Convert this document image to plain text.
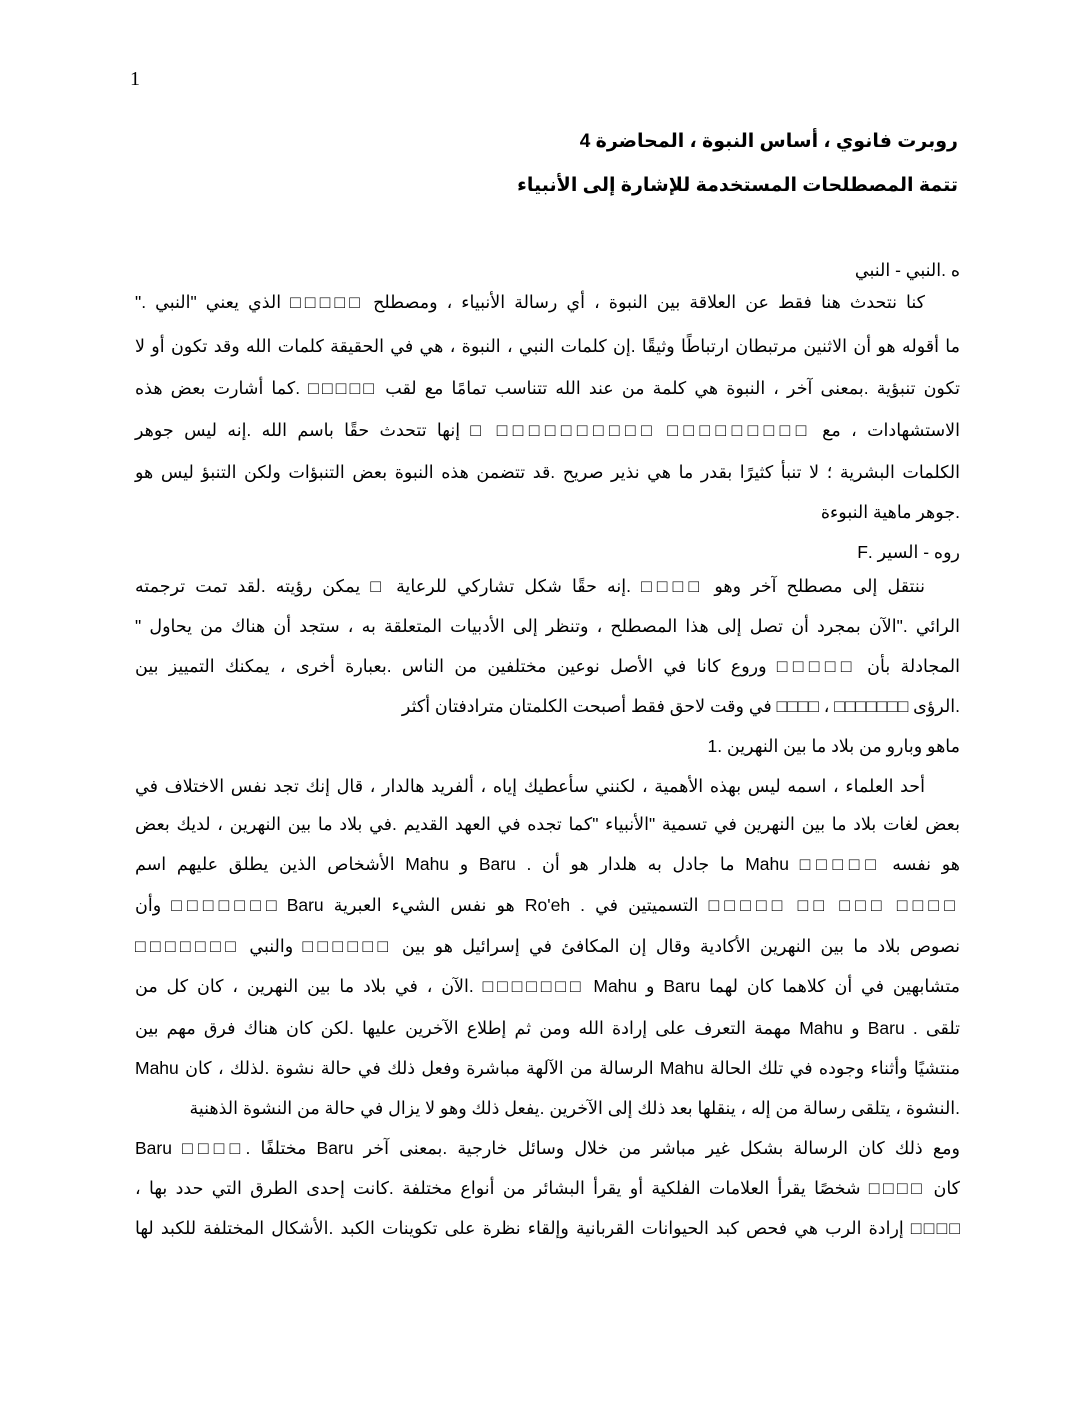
1
روبرت فانوي ، أساس النبوة ، المحاضرة 4
تتمة المصطلحات المستخدمة للإشارة إلى الأنبياء
ه .النبي - النبي
كنا نتحدث هنا فقط عن العلاقة بين النبوة ، أي رسالة الأنبياء ، ومصطلح □□□□□ الذي يعني "النبي ."
ما أقوله هو أن الاثنين مرتبطان ارتباطًا وثيقًا .إن كلمات النبي ، النبوة ، هي في الحقيقة كلمات الله وقد تكون أو لا
تكون تنبؤية .بمعنى آخر ، النبوة هي كلمة من عند الله تتناسب تمامًا مع لقب □□□□□ .كما أشارت بعض هذه
الاستشهادات ، مع □□□□□□□□□ □□□□□□□□□□ □ إنها تتحدث حقًا باسم الله .إنه ليس جوهر
الكلمات البشرية ؛ لا تنبأ كثيرًا بقدر ما هي نذير صريح .قد تتضمن هذه النبوة بعض التنبؤات ولكن التنبؤ ليس هو
.جوهر ماهية النبوءة
روه - السير .F
ننتقل إلى مصطلح آخر وهو □□□□ .إنه حقًا شكل تشاركي للرعاية □ يمكن رؤيته .لقد تمت ترجمته
الرائي ."الآن بمجرد أن تصل إلى هذا المصطلح ، وتنظر إلى الأدبيات المتعلقة به ، ستجد أن هناك من يحاول "
المجادلة بأن □□□□□ وروع كانا في الأصل نوعين مختلفين من الناس .بعبارة أخرى ، يمكنك التمييز بين
.الرؤى □□□□□□□ ، □□□□ في وقت لاحق فقط أصبحت الكلمتان مترادفتان أكثر
ماهو وبارو من بلاد ما بين النهرين .1
أحد العلماء ، اسمه ليس بهذه الأهمية ، لكنني سأعطيك إياه ، ألفريد هالدار ، قال إنك تجد نفس الاختلاف في
بعض لغات بلاد ما بين النهرين في تسمية "الأنبياء "كما تجده في العهد القديم .في بلاد ما بين النهرين ، لديك بعض
هو نفسه □□□□□ Mahu ما جادل به هلدار هو أن . Baru و Mahu الأشخاص الذين يطلق عليهم اسم
□□□□ □□□ □□ □□□□□ التسميتين في . Ro'eh هو نفس الشيء العبرية Baru □□□□□□□ وأن
نصوص بلاد ما بين النهرين الأكادية وقال إن المكافئ في إسرائيل هو بين □□□□□□ والنبي □□□□□□□
متشابهين في أن كلاهما كان لهما Baru و Mahu □□□□□□□ .الآن ، في بلاد ما بين النهرين ، كان كل من
تلقى . Baru و Mahu مهمة التعرف على إرادة الله ومن ثم إطلاع الآخرين عليها .لكن كان هناك فرق مهم بين
منتشيًا وأثناء وجوده في تلك الحالة Mahu الرسالة من الآلهة مباشرة وفعل ذلك في حالة نشوة .لذلك ، كان Mahu
.النشوة ، يتلقى رسالة من إله ، ينقلها بعد ذلك إلى الآخرين .يفعل ذلك وهو لا يزال في حالة من النشوة الذهنية
ومع ذلك كان الرسالة بشكل غير مباشر من خلال وسائل خارجية .بمعنى آخر Baru مختلفًا .□□□□ Baru
كان □□□□ شخصًا يقرأ العلامات الفلكية أو يقرأ البشائر من أنواع مختلفة .كانت إحدى الطرق التي حدد بها ،
□□□□ إرادة الرب هي فحص كبد الحيوانات القربانية وإلقاء نظرة على تكوينات الكبد .الأشكال المختلفة للكبد لها
